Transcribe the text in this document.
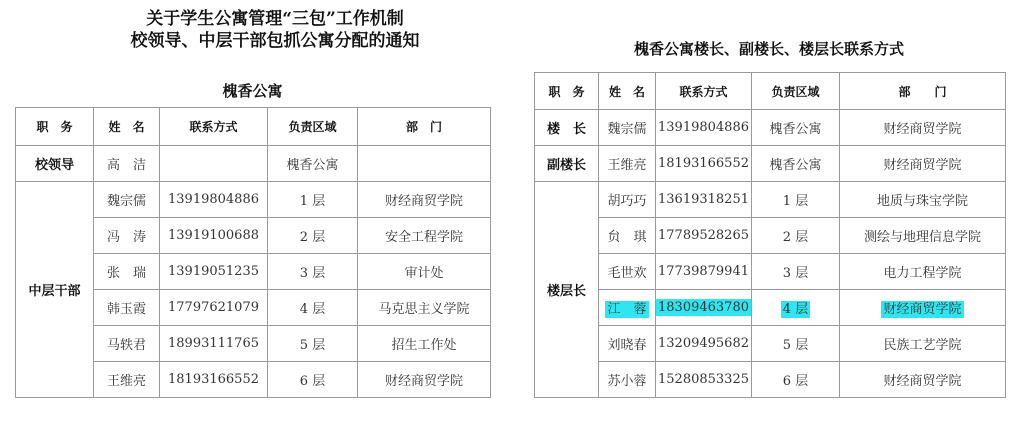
关于学生公寓管理“三包”工作机制
校领导、中层干部包抓公寓分配的通知	槐香公寓楼长、副楼长、楼层长联系方式
槐香公寓
职　务	姓　名	联系方式	负责区域	部　门
校领导	高　洁		槐香公寓	
中层干部	魏宗儒	13919804886	1 层	财经商贸学院
	冯　涛	13919100688	2 层	安全工程学院
	张　瑞	13919051235	3 层	审计处
	韩玉霞	17797621079	4 层	马克思主义学院
	马轶君	18993111765	5 层	招生工作处
	王维亮	18193166552	6 层	财经商贸学院
职　务	姓　名	联系方式	负责区域	部　　门
楼　长	魏宗儒	13919804886	槐香公寓	财经商贸学院
副楼长	王维亮	18193166552	槐香公寓	财经商贸学院
楼层长	胡巧巧	13619318251	1 层	地质与珠宝学院
	贠　琪	17789528265	2 层	测绘与地理信息学院
	毛世欢	17739879941	3 层	电力工程学院
	江　蓉	18309463780	4 层	财经商贸学院
	刘晓春	13209495682	5 层	民族工艺学院
	苏小蓉	15280853325	6 层	财经商贸学院
